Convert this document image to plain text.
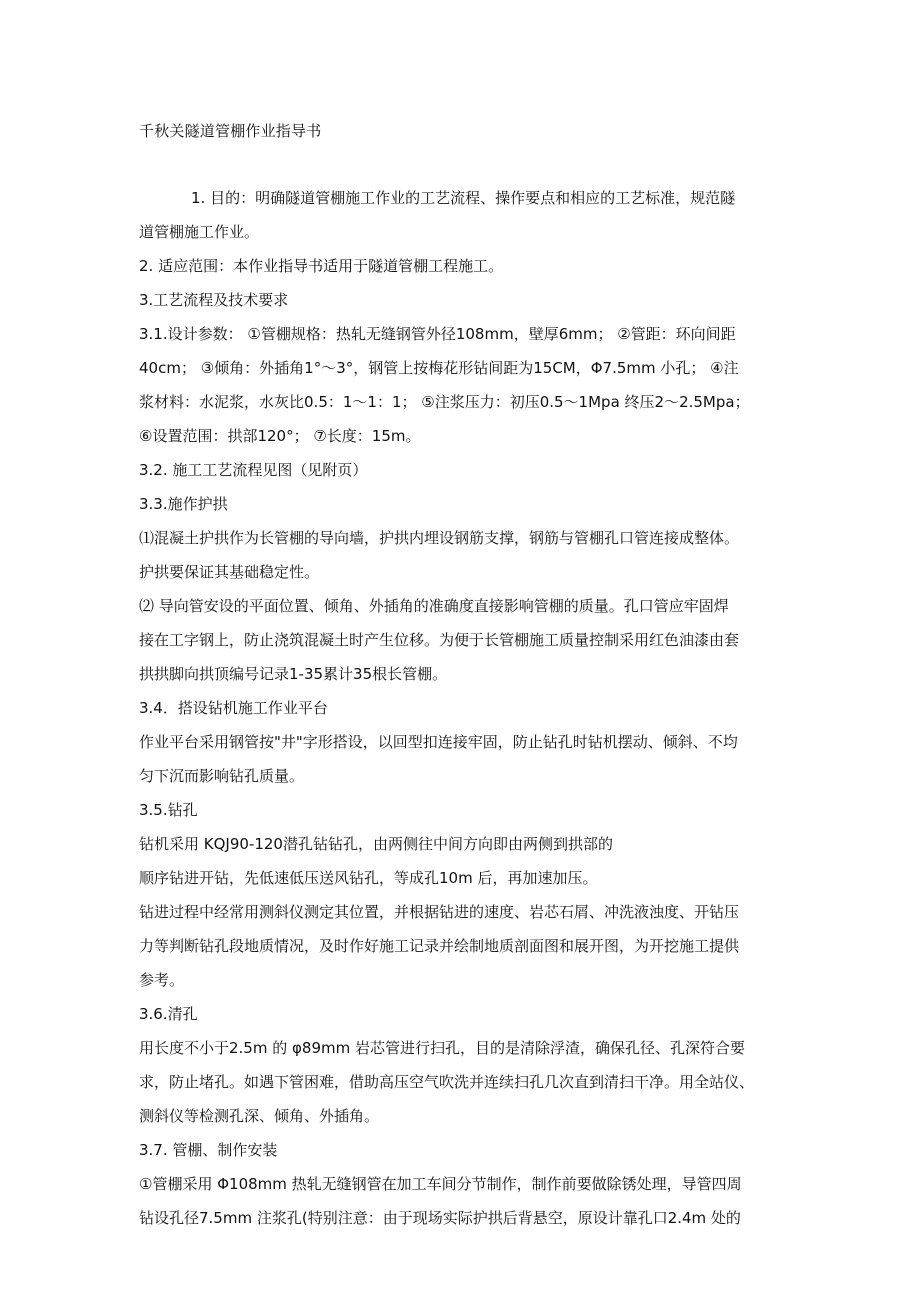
千秋关隧道管棚作业指导书
1. 目的：明确隧道管棚施工作业的工艺流程、操作要点和相应的工艺标准，规范隧
道管棚施工作业。
2. 适应范围：本作业指导书适用于隧道管棚工程施工。
3.工艺流程及技术要求
3.1.设计参数： ①管棚规格：热轧无缝钢管外径108mm，壁厚6mm； ②管距：环向间距
40cm； ③倾角：外插角1°～3°，钢管上按梅花形钻间距为15CM，Φ7.5mm 小孔； ④注
浆材料：水泥浆，水灰比0.5：1～1：1； ⑤注浆压力：初压0.5～1Mpa 终压2～2.5Mpa；
⑥设置范围：拱部120°； ⑦长度：15m。
3.2. 施工工艺流程见图（见附页）
3.3.施作护拱
⑴混凝土护拱作为长管棚的导向墙，护拱内埋设钢筋支撑，钢筋与管棚孔口管连接成整体。
护拱要保证其基础稳定性。
⑵ 导向管安设的平面位置、倾角、外插角的准确度直接影响管棚的质量。孔口管应牢固焊
接在工字钢上，防止浇筑混凝土时产生位移。为便于长管棚施工质量控制采用红色油漆由套
拱拱脚向拱顶编号记录1-35累计35根长管棚。
3.4．搭设钻机施工作业平台
作业平台采用钢管按"井"字形搭设，以回型扣连接牢固，防止钻孔时钻机摆动、倾斜、不均
匀下沉而影响钻孔质量。
3.5.钻孔
钻机采用 KQJ90-120潜孔钻钻孔，由两侧往中间方向即由两侧到拱部的
顺序钻进开钻，先低速低压送风钻孔，等成孔10m 后，再加速加压。
钻进过程中经常用测斜仪测定其位置，并根据钻进的速度、岩芯石屑、冲洗液浊度、开钻压
力等判断钻孔段地质情况，及时作好施工记录并绘制地质剖面图和展开图，为开挖施工提供
参考。
3.6.清孔
用长度不小于2.5m 的 φ89mm 岩芯管进行扫孔，目的是清除浮渣，确保孔径、孔深符合要
求，防止堵孔。如遇下管困难，借助高压空气吹洗并连续扫孔几次直到清扫干净。用全站仪、
测斜仪等检测孔深、倾角、外插角。
3.7. 管棚、制作安装
①管棚采用 Φ108mm 热轧无缝钢管在加工车间分节制作，制作前要做除锈处理，导管四周
钻设孔径7.5mm 注浆孔(特别注意：由于现场实际护拱后背悬空，原设计靠孔口2.4m 处的
